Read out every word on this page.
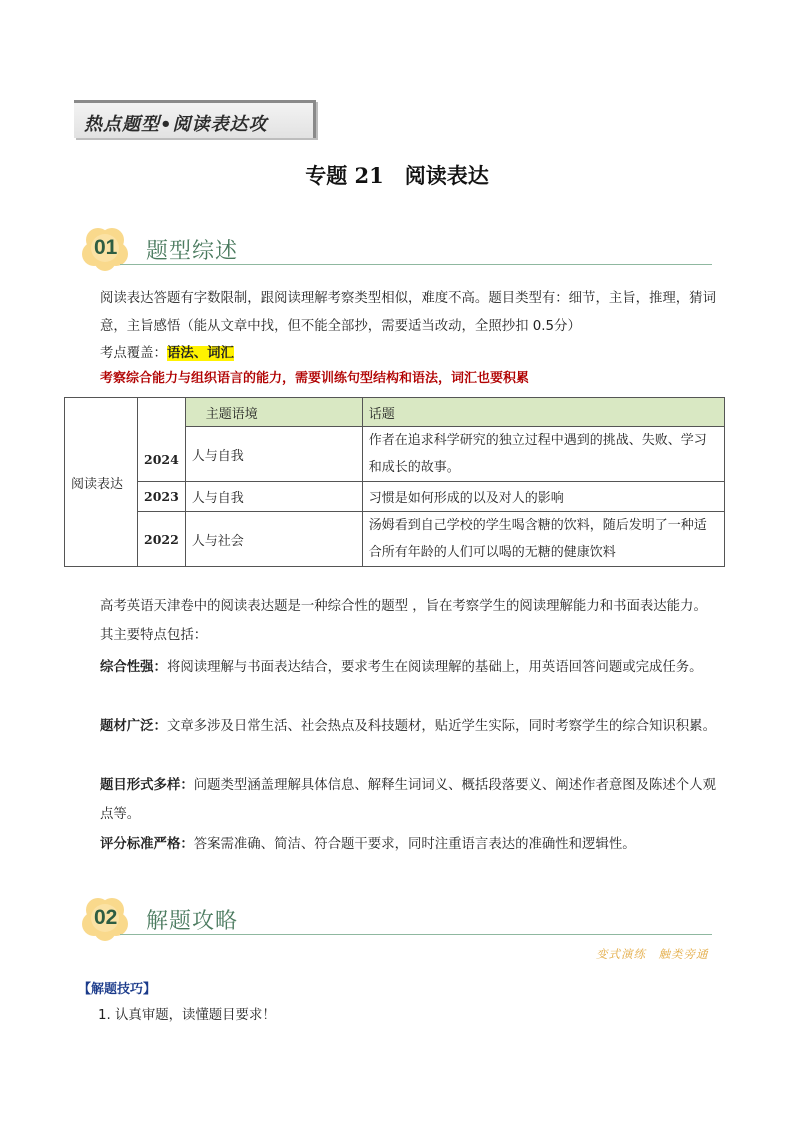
热点题型•阅读表达攻
专题 21　阅读表达
01 题型综述
阅读表达答题有字数限制，跟阅读理解考察类型相似，难度不高。题目类型有：细节，主旨，推理，猜词意，主旨感悟（能从文章中找，但不能全部抄，需要适当改动，全照抄扣 0.5分）
考点覆盖：语法、词汇
考察综合能力与组织语言的能力，需要训练句型结构和语法，词汇也要积累
阅读表达		主题语境	话题
	2024	人与自我	作者在追求科学研究的独立过程中遇到的挑战、失败、学习和成长的故事。
	2023	人与自我	习惯是如何形成的以及对人的影响
	2022	人与社会	汤姆看到自己学校的学生喝含糖的饮料，随后发明了一种适合所有年龄的人们可以喝的无糖的健康饮料
高考英语天津卷中的阅读表达题是一种综合性的题型 ，旨在考察学生的阅读理解能力和书面表达能力。其主要特点包括：
综合性强：将阅读理解与书面表达结合，要求考生在阅读理解的基础上，用英语回答问题或完成任务。
题材广泛：文章多涉及日常生活、社会热点及科技题材，贴近学生实际，同时考察学生的综合知识积累。
题目形式多样：问题类型涵盖理解具体信息、解释生词词义、概括段落要义、阐述作者意图及陈述个人观点等。
评分标准严格：答案需准确、简洁、符合题干要求，同时注重语言表达的准确性和逻辑性。
02 解题攻略
变式演练　触类旁通
【解题技巧】
1. 认真审题，读懂题目要求！
